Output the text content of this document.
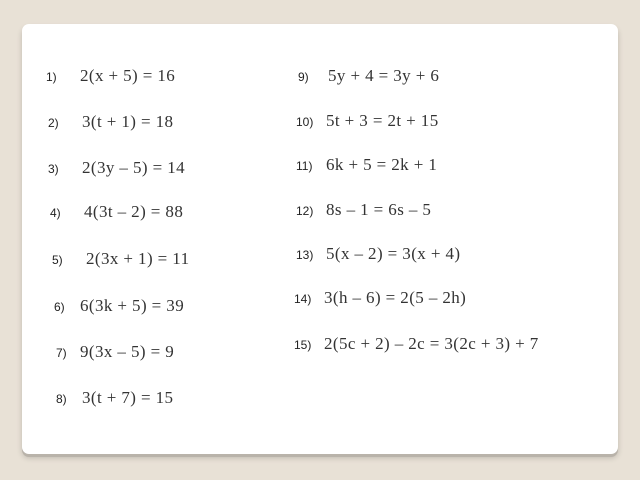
1)	2(x + 5) = 16
2)	3(t + 1) = 18
3)	2(3y – 5) = 14
4)	4(3t – 2) = 88
5)	2(3x + 1) = 11
6) 6(3k + 5) = 39
7) 9(3x – 5) = 9
8) 3(t + 7) = 15
9)	5y + 4 = 3y + 6
10) 5t + 3 = 2t + 15
11) 6k + 5 = 2k + 1
12) 8s – 1 = 6s – 5
13) 5(x – 2) = 3(x + 4)
14) 3(h – 6) = 2(5 – 2h)
15) 2(5c + 2) – 2c = 3(2c + 3) + 7
